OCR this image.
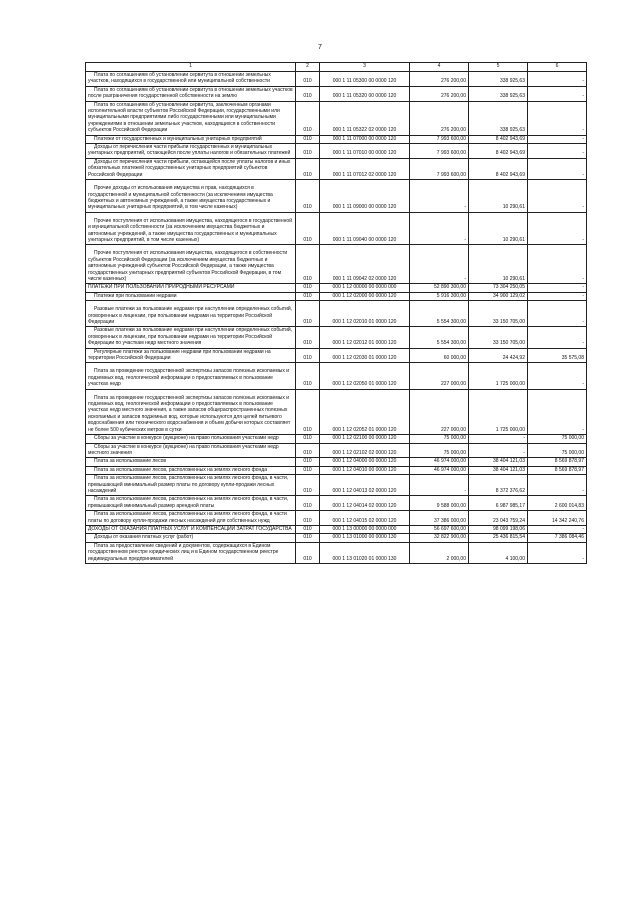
7
1	2	3	4	5	6
Плата по соглашениям об установлении сервитута в отношении земельных участков, находящихся в государственной или муниципальной собственности	010	000 1 11 05300 00 0000 120	276 200,00	338 925,63	-
Плата по соглашениям об установлении сервитута в отношении земельных участков после разграничения государственной собственности на землю	010	000 1 11 05320 00 0000 120	276 200,00	338 925,63	-
Плата по соглашениям об установлении сервитута, заключенным органами исполнительной власти субъектов Российской Федерации, государственными или муниципальными предприятиями либо государственными или муниципальными учреждениями в отношении земельных участков, находящихся в собственности субъектов Российской Федерации	010	000 1 11 05322 02 0000 120	276 200,00	338 925,63	-
Платежи от государственных и муниципальных унитарных предприятий	010	000 1 11 07000 00 0000 120	7 993 600,00	8 402 943,69	-
Доходы от перечисления части прибыли государственных и муниципальных унитарных предприятий, остающейся после уплаты налогов и обязательных платежей	010	000 1 11 07010 00 0000 120	7 993 600,00	8 402 943,69	-
Доходы от перечисления части прибыли, остающейся после уплаты налогов и иных обязательных платежей государственных унитарных предприятий субъектов Российской Федерации	010	000 1 11 07012 02 0000 120	7 993 600,00	8 402 943,69	-
Прочие доходы от использования имущества и прав, находящихся в государственной и муниципальной собственности (за исключением имущества бюджетных и автономных учреждений, а также имущества государственных и муниципальных унитарных предприятий, в том числе казенных)	010	000 1 11 09000 00 0000 120	-	10 290,61	-
Прочие поступления от использования имущества, находящегося в государственной и муниципальной собственности (за исключением имущества бюджетных и автономных учреждений, а также имущества государственных и муниципальных унитарных предприятий, в том числе казенных)	010	000 1 11 09040 00 0000 120	-	10 290,61	-
Прочие поступления от использования имущества, находящегося в собственности субъектов Российской Федерации (за исключением имущества бюджетных и автономных учреждений субъектов Российской Федерации, а также имущества государственных унитарных предприятий субъектов Российской Федерации, в том числе казенных)	010	000 1 11 09042 02 0000 120	-	10 290,61	-
ПЛАТЕЖИ ПРИ ПОЛЬЗОВАНИИ ПРИРОДНЫМИ РЕСУРСАМИ	010	000 1 12 00000 00 0000 000	52 890 300,00	73 304 250,05	-
Платежи при пользовании недрами	010	000 1 12 02000 00 0000 120	5 916 300,00	34 900 129,02	-
Разовые платежи за пользование недрами при наступлении определенных событий, оговоренных в лицензии, при пользовании недрами на территории Российской Федерации	010	000 1 12 02010 01 0000 120	5 554 300,00	33 150 705,00	-
Разовые платежи за пользование недрами при наступлении определенных событий, оговоренных в лицензии, при пользовании недрами на территории Российской Федерации по участкам недр местного значения	010	000 1 12 02012 01 0000 120	5 554 300,00	33 150 705,00	-
Регулярные платежи за пользование недрами при пользовании недрами на территории Российской Федерации	010	000 1 12 02030 01 0000 120	60 000,00	24 424,92	35 575,08
Плата за проведение государственной экспертизы запасов полезных ископаемых и подземных вод, геологической информации о предоставляемых в пользование участках недр	010	000 1 12 02050 01 0000 120	227 000,00	1 725 000,00	-
Плата за проведение государственной экспертизы запасов полезных ископаемых и подземных вод, геологической информации о предоставляемых в пользование участках недр местного значения, а также запасов общераспространенных полезных ископаемых и запасов подземных вод, которые используются для целей питьевого водоснабжения или технического водоснабжения и объем добычи которых составляет не более 500 кубических метров в сутки	010	000 1 12 02052 01 0000 120	227 000,00	1 725 000,00	-
Сборы за участие в конкурсе (аукционе) на право пользования участками недр	010	000 1 12 02100 00 0000 120	75 000,00	-	75 000,00
Сборы за участие в конкурсе (аукционе) на право пользования участками недр местного значения	010	000 1 12 02102 02 0000 120	75 000,00	-	75 000,00
Плата за использование лесов	010	000 1 12 04000 00 0000 120	46 974 000,00	38 404 121,03	8 569 878,97
Плата за использование лесов, расположенных на землях лесного фонда	010	000 1 12 04010 00 0000 120	46 974 000,00	38 404 121,03	8 569 878,97
Плата за использование лесов, расположенных на землях лесного фонда, в части, превышающей минимальный размер платы по договору купли-продажи лесных насаждений	010	000 1 12 04013 02 0000 120	-	8 372 376,62	-
Плата за использование лесов, расположенных на землях лесного фонда, в части, превышающей минимальный размер арендной платы	010	000 1 12 04014 02 0000 120	9 588 000,00	6 987 985,17	2 600 014,83
Плата за использование лесов, расположенных на землях лесного фонда, в части платы по договору купли-продажи лесных насаждений для собственных нужд	010	000 1 12 04015 02 0000 120	37 386 000,00	23 043 759,24	14 342 240,76
ДОХОДЫ ОТ ОКАЗАНИЯ ПЛАТНЫХ УСЛУГ И КОМПЕНСАЦИИ ЗАТРАТ ГОСУДАРСТВА	010	000 1 13 00000 00 0000 000	56 697 600,00	98 099 198,06	-
Доходы от оказания платных услуг (работ)	010	000 1 13 01000 00 0000 130	32 822 900,00	25 436 815,54	7 386 084,46
Плата за предоставление сведений и документов, содержащихся в Едином государственном реестре юридических лиц и в Едином государственном реестре индивидуальных предпринимателей	010	000 1 13 01020 01 0000 130	2 000,00	4 100,00	-
